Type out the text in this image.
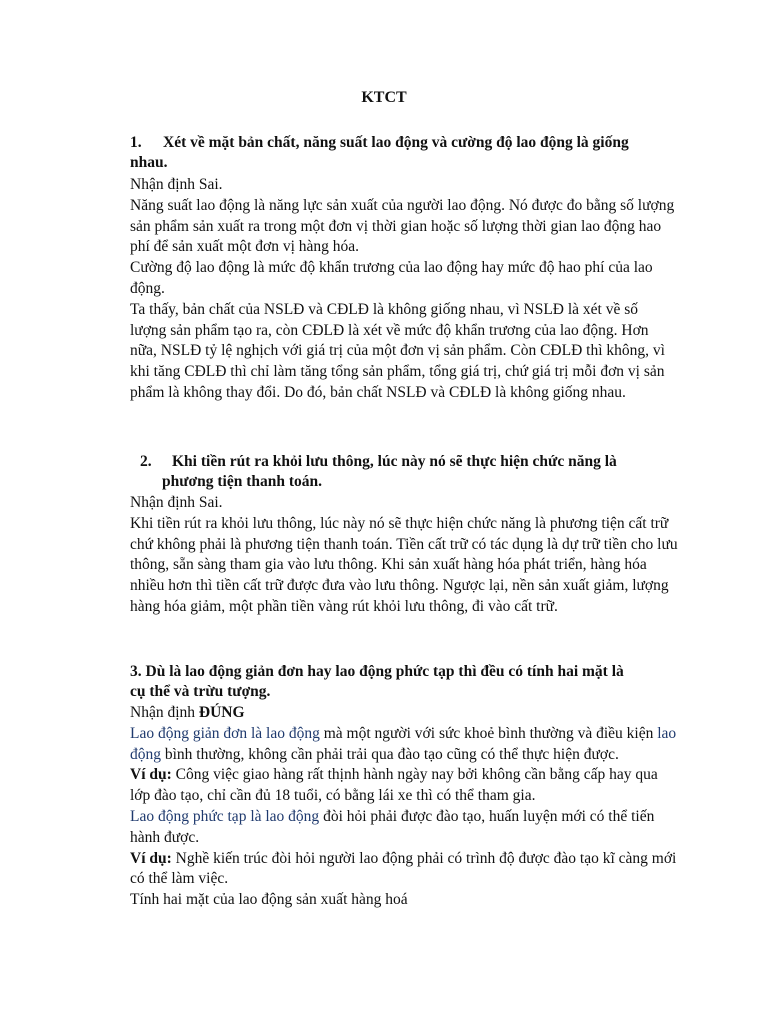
KTCT
1.	Xét về mặt bản chất, năng suất lao động và cường độ lao động là giống
nhau.

Nhận định Sai.

Năng suất lao động là năng lực sản xuất của người lao động. Nó được đo bằng số lượng sản phẩm sản xuất ra trong một đơn vị thời gian hoặc số lượng thời gian lao động hao phí để sản xuất một đơn vị hàng hóa.

Cường độ lao động là mức độ khẩn trương của lao động hay mức độ hao phí của lao động.

Ta thấy, bản chất của NSLĐ và CĐLĐ là không giống nhau, vì NSLĐ là xét về số lượng sản phẩm tạo ra, còn CĐLĐ là xét về mức độ khẩn trương của lao động. Hơn nữa, NSLĐ tỷ lệ nghịch với giá trị của một đơn vị sản phẩm. Còn CĐLĐ thì không, vì khi tăng CĐLĐ thì chỉ làm tăng tổng sản phẩm, tổng giá trị, chứ giá trị mỗi đơn vị sản phẩm là không thay đổi. Do đó, bản chất NSLĐ và CĐLĐ là không giống nhau.

2.	Khi tiền rút ra khỏi lưu thông, lúc này nó sẽ thực hiện chức năng là
phương tiện thanh toán.

Nhận định Sai.

Khi tiền rút ra khỏi lưu thông, lúc này nó sẽ thực hiện chức năng là phương tiện cất trữ chứ không phải là phương tiện thanh toán. Tiền cất trữ có tác dụng là dự trữ tiền cho lưu thông, sẵn sàng tham gia vào lưu thông. Khi sản xuất hàng hóa phát triển, hàng hóa nhiều hơn thì tiền cất trữ được đưa vào lưu thông. Ngược lại, nền sản xuất giảm, lượng hàng hóa giảm, một phần tiền vàng rút khỏi lưu thông, đi vào cất trữ.

3. Dù là lao động giản đơn hay lao động phức tạp thì đều có tính hai mặt là
cụ thể và trừu tượng.

Nhận định ĐÚNG

Lao động giản đơn là lao động mà một người với sức khoẻ bình thường và điều kiện lao động bình thường, không cần phải trải qua đào tạo cũng có thể thực hiện được.

Ví dụ: Công việc giao hàng rất thịnh hành ngày nay bởi không cần bằng cấp hay qua lớp đào tạo, chỉ cần đủ 18 tuổi, có bằng lái xe thì có thể tham gia.

Lao động phức tạp là lao động đòi hỏi phải được đào tạo, huấn luyện mới có thể tiến hành được.

Ví dụ: Nghề kiến trúc đòi hỏi người lao động phải có trình độ được đào tạo kĩ càng mới có thể làm việc.

Tính hai mặt của lao động sản xuất hàng hoá
